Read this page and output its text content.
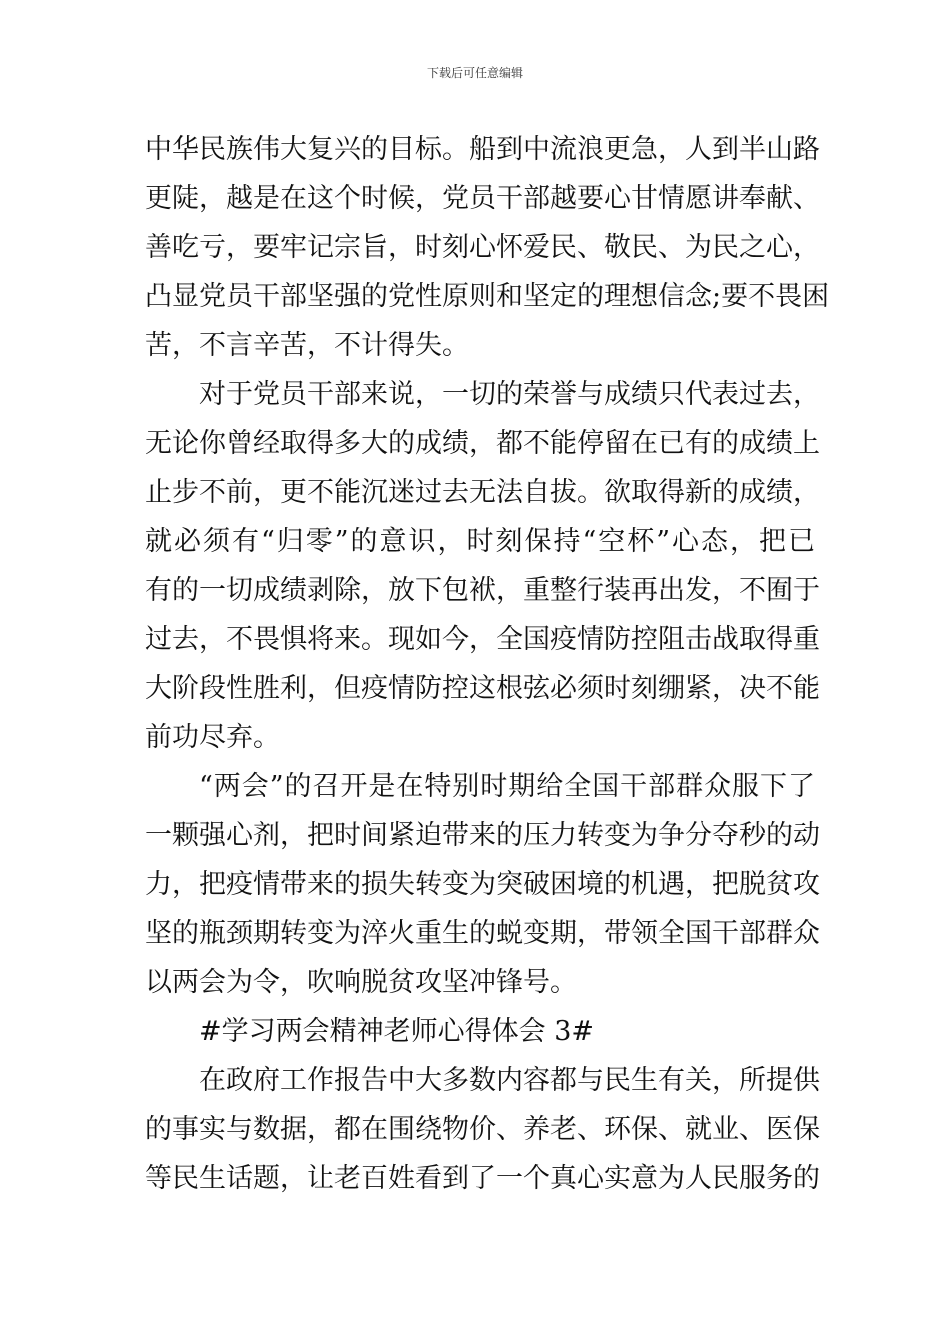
下载后可任意编辑
中华民族伟大复兴的目标。船到中流浪更急，人到半山路
更陡，越是在这个时候，党员干部越要心甘情愿讲奉献、
善吃亏，要牢记宗旨，时刻心怀爱民、敬民、为民之心，
凸显党员干部坚强的党性原则和坚定的理想信念;要不畏困
苦，不言辛苦，不计得失。
对于党员干部来说，一切的荣誉与成绩只代表过去，
无论你曾经取得多大的成绩，都不能停留在已有的成绩上
止步不前，更不能沉迷过去无法自拔。欲取得新的成绩，
就必须有“归零”的意识，时刻保持“空杯”心态，把已
有的一切成绩剥除，放下包袱，重整行装再出发，不囿于
过去，不畏惧将来。现如今，全国疫情防控阻击战取得重
大阶段性胜利，但疫情防控这根弦必须时刻绷紧，决不能
前功尽弃。
“两会”的召开是在特别时期给全国干部群众服下了
一颗强心剂，把时间紧迫带来的压力转变为争分夺秒的动
力，把疫情带来的损失转变为突破困境的机遇，把脱贫攻
坚的瓶颈期转变为淬火重生的蜕变期，带领全国干部群众
以两会为令，吹响脱贫攻坚冲锋号。
#学习两会精神老师心得体会 3#
在政府工作报告中大多数内容都与民生有关，所提供
的事实与数据，都在围绕物价、养老、环保、就业、医保
等民生话题，让老百姓看到了一个真心实意为人民服务的
